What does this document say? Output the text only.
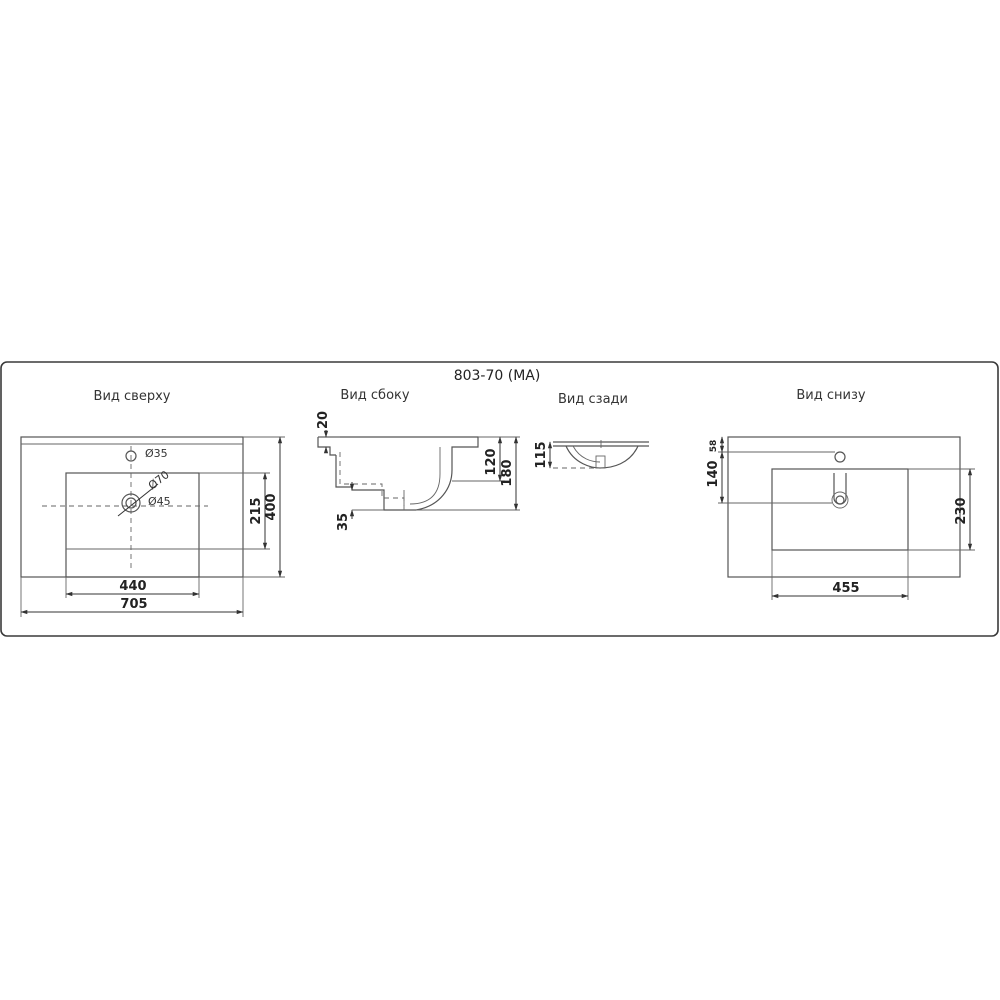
803-70 (MA)
Вид сверху	Вид сбоку	Вид сзади	Вид снизу
Ø35
Ø70
Ø45
440
705
215 400
20
35
120 180
115	58
140
230
455
